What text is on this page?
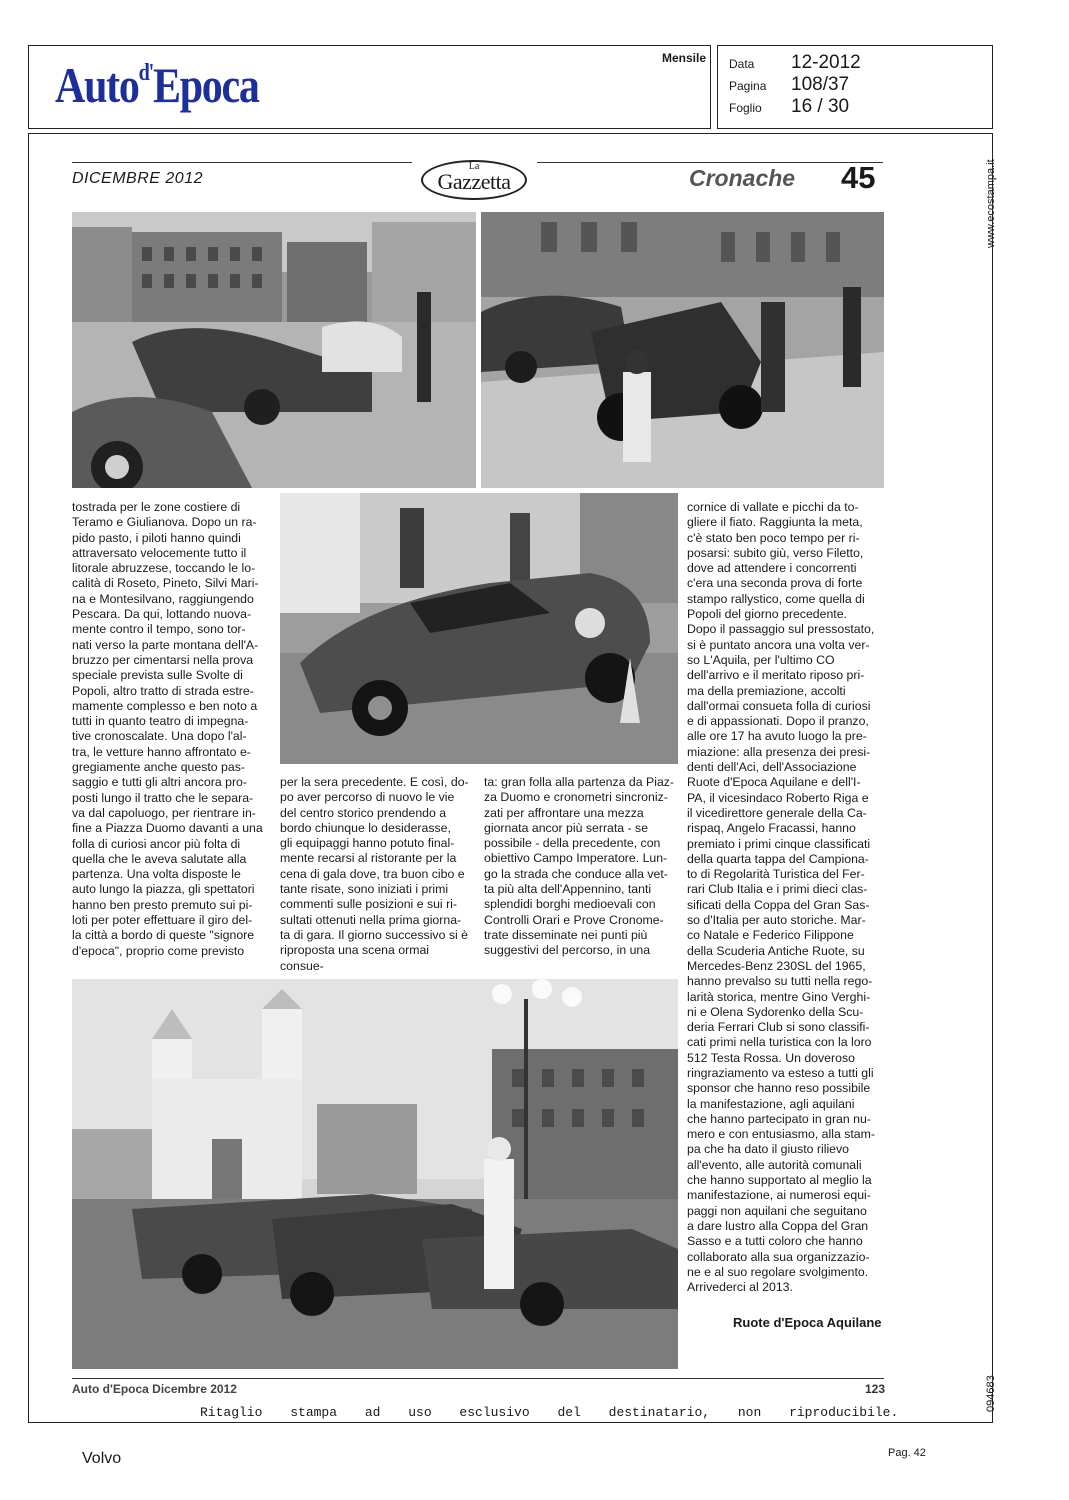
Auto$^{d'}$Epoca	Mensile Data	12-2012
Pagina	108/37
Foglio	16 / 30
www.ecostampa.it
094683
DICEMBRE 2012
La
Gazzetta	Cronache 45

tostrada per le zone costiere di

Teramo e Giulianova. Dopo un ra-

pido pasto, i piloti hanno quindi

attraversato velocemente tutto il

litorale abruzzese, toccando le lo-

calità di Roseto, Pineto, Silvi Mari-

na e Montesilvano, raggiungendo

Pescara. Da qui, lottando nuova-

mente contro il tempo, sono tor-

nati verso la parte montana dell'A-

bruzzo per cimentarsi nella prova

speciale prevista sulle Svolte di

Popoli, altro tratto di strada estre-

mamente complesso e ben noto a

tutti in quanto teatro di impegna-

tive cronoscalate. Una dopo l'al-

tra, le vetture hanno affrontato e-

gregiamente anche questo pas-

saggio e tutti gli altri ancora pro-

posti lungo il tratto che le separa-

va dal capoluogo, per rientrare in-

fine a Piazza Duomo davanti a una

folla di curiosi ancor più folta di

quella che le aveva salutate alla

partenza. Una volta disposte le

auto lungo la piazza, gli spettatori

hanno ben presto premuto sui pi-

loti per poter effettuare il giro del-

la città a bordo di queste "signore

d'epoca", proprio come previsto

per la sera precedente. E così, do-

po aver percorso di nuovo le vie

del centro storico prendendo a

bordo chiunque lo desiderasse,

gli equipaggi hanno potuto final-

mente recarsi al ristorante per la

cena di gala dove, tra buon cibo e

tante risate, sono iniziati i primi

commenti sulle posizioni e sui ri-

sultati ottenuti nella prima giorna-

ta di gara. Il giorno successivo si è

riproposta una scena ormai consue-

ta: gran folla alla partenza da Piaz-

za Duomo e cronometri sincroniz-

zati per affrontare una mezza

giornata ancor più serrata - se

possibile - della precedente, con

obiettivo Campo Imperatore. Lun-

go la strada che conduce alla vet-

ta più alta dell'Appennino, tanti

splendidi borghi medioevali con

Controlli Orari e Prove Cronome-

trate disseminate nei punti più

suggestivi del percorso, in una

cornice di vallate e picchi da to-

gliere il fiato. Raggiunta la meta,

c'è stato ben poco tempo per ri-

posarsi: subito giù, verso Filetto,

dove ad attendere i concorrenti

c'era una seconda prova di forte

stampo rallystico, come quella di

Popoli del giorno precedente.

Dopo il passaggio sul pressostato,

si è puntato ancora una volta ver-

so L'Aquila, per l'ultimo CO

dell'arrivo e il meritato riposo pri-

ma della premiazione, accolti

dall'ormai consueta folla di curiosi

e di appassionati. Dopo il pranzo,

alle ore 17 ha avuto luogo la pre-

miazione: alla presenza dei presi-

denti dell'Aci, dell'Associazione

Ruote d'Epoca Aquilane e dell'I-

PA, il vicesindaco Roberto Riga e

il vicedirettore generale della Ca-

rispaq, Angelo Fracassi, hanno

premiato i primi cinque classificati

della quarta tappa del Campiona-

to di Regolarità Turistica del Fer-

rari Club Italia e i primi dieci clas-

sificati della Coppa del Gran Sas-

so d'Italia per auto storiche. Mar-

co Natale e Federico Filippone

della Scuderia Antiche Ruote, su

Mercedes-Benz 230SL del 1965,

hanno prevalso su tutti nella rego-

larità storica, mentre Gino Verghi-

ni e Olena Sydorenko della Scu-

deria Ferrari Club si sono classifi-

cati primi nella turistica con la loro

512 Testa Rossa. Un doveroso

ringraziamento va esteso a tutti gli

sponsor che hanno reso possibile

la manifestazione, agli aquilani

che hanno partecipato in gran nu-

mero e con entusiasmo, alla stam-

pa che ha dato il giusto rilievo

all'evento, alle autorità comunali

che hanno supportato al meglio la

manifestazione, ai numerosi equi-

paggi non aquilani che seguitano

a dare lustro alla Coppa del Gran

Sasso e a tutti coloro che hanno

collaborato alla sua organizzazio-

ne e al suo regolare svolgimento.

Arrivederci al 2013.

Ruote d'Epoca Aquilane
Auto d'Epoca Dicembre 2012	123
Ritaglio stampa ad uso esclusivo del destinatario, non riproducibile.
Volvo	Pag. 42
